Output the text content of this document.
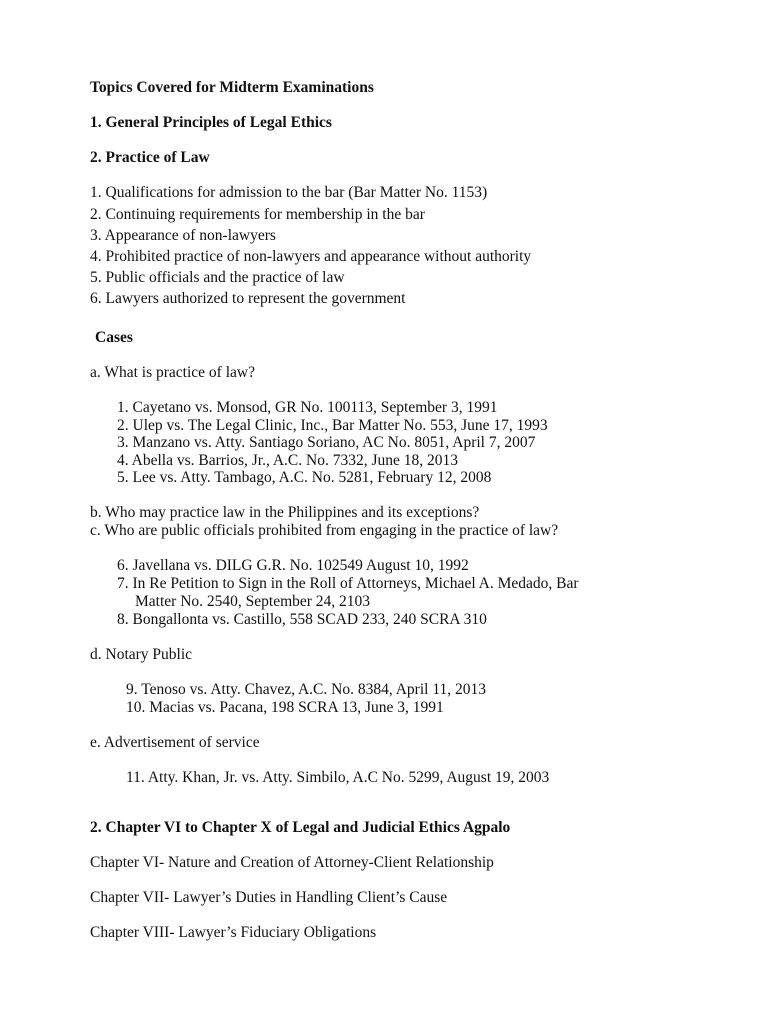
Topics Covered for Midterm Examinations
1. General Principles of Legal Ethics
2. Practice of Law
1. Qualifications for admission to the bar (Bar Matter No. 1153)
2. Continuing requirements for membership in the bar
3. Appearance of non-lawyers
4. Prohibited practice of non-lawyers and appearance without authority
5. Public officials and the practice of law
6. Lawyers authorized to represent the government
Cases
a. What is practice of law?
1. Cayetano vs. Monsod, GR No. 100113, September 3, 1991
2. Ulep vs. The Legal Clinic, Inc., Bar Matter No. 553, June 17, 1993
3. Manzano vs. Atty. Santiago Soriano, AC No. 8051, April 7, 2007
4. Abella vs. Barrios, Jr., A.C. No. 7332, June 18, 2013
5. Lee vs. Atty. Tambago, A.C. No. 5281, February 12, 2008
b. Who may practice law in the Philippines and its exceptions?
c. Who are public officials prohibited from engaging in the practice of law?
6. Javellana vs. DILG G.R. No. 102549 August 10, 1992
7. In Re Petition to Sign in the Roll of Attorneys, Michael A. Medado, Bar
Matter No. 2540, September 24, 2103
8. Bongallonta vs. Castillo, 558 SCAD 233, 240 SCRA 310
d. Notary Public
9. Tenoso vs. Atty. Chavez, A.C. No. 8384, April 11, 2013
10. Macias vs. Pacana, 198 SCRA 13, June 3, 1991
e. Advertisement of service
11. Atty. Khan, Jr. vs. Atty. Simbilo, A.C No. 5299, August 19, 2003
2. Chapter VI to Chapter X of Legal and Judicial Ethics Agpalo
Chapter VI- Nature and Creation of Attorney-Client Relationship
Chapter VII- Lawyer’s Duties in Handling Client’s Cause
Chapter VIII- Lawyer’s Fiduciary Obligations
